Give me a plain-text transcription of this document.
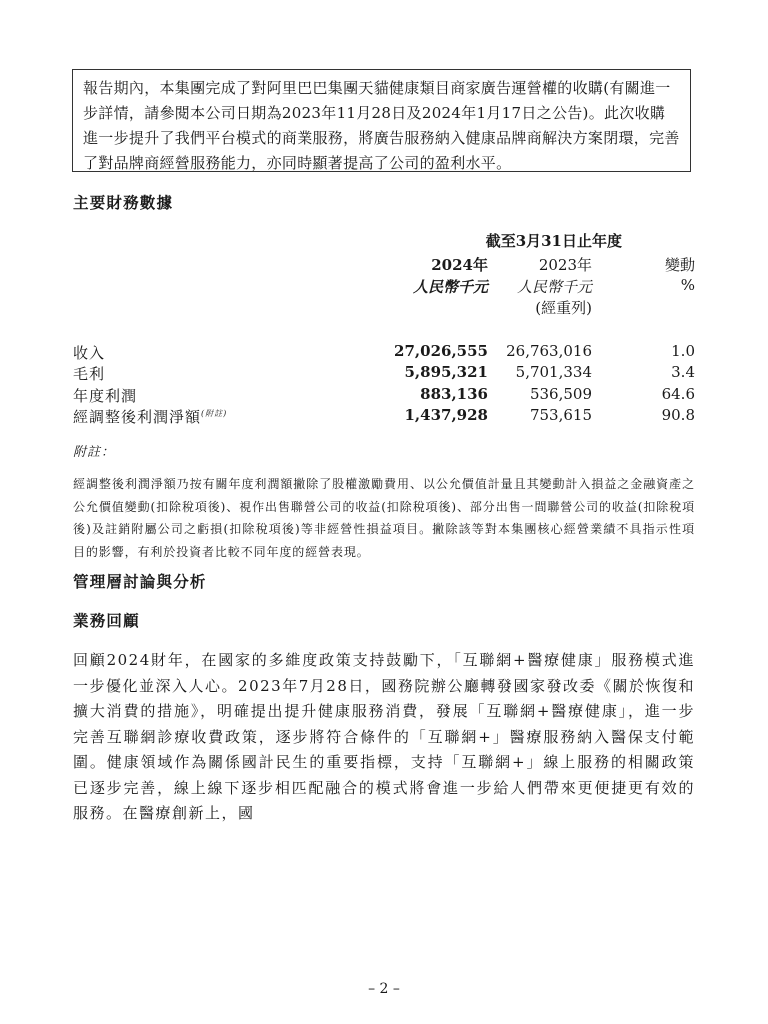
報告期內，本集團完成了對阿里巴巴集團天貓健康類目商家廣告運營權的收購(有關進一步詳情，請參閱本公司日期為2023年11月28日及2024年1月17日之公告)。此次收購進一步提升了我們平台模式的商業服務，將廣告服務納入健康品牌商解決方案閉環，完善了對品牌商經營服務能力，亦同時顯著提高了公司的盈利水平。
主要財務數據
截至3月31日止年度
2024年	2023年	變動
人民幣千元 人民幣千元	%
(經重列)
收入	27,026,555 26,763,016	1.0
毛利	5,895,321 5,701,334	3.4
年度利潤	883,136	536,509	64.6
經調整後利潤淨額$^{(附註)}$	1,437,928	753,615	90.8
附註：
經調整後利潤淨額乃按有關年度利潤額撇除了股權激勵費用、以公允價值計量且其變動計入損益之金融資產之公允價值變動(扣除稅項後)、視作出售聯營公司的收益(扣除稅項後)、部分出售一間聯營公司的收益(扣除稅項後)及註銷附屬公司之虧損(扣除稅項後)等非經營性損益項目。撇除該等對本集團核心經營業績不具指示性項目的影響，有利於投資者比較不同年度的經營表現。
管理層討論與分析
業務回顧
回顧2024財年，在國家的多維度政策支持鼓勵下，「互聯網+醫療健康」服務模式進一步優化並深入人心。2023年7月28日，國務院辦公廳轉發國家發改委《關於恢復和擴大消費的措施》，明確提出提升健康服務消費，發展「互聯網+醫療健康」，進一步完善互聯網診療收費政策，逐步將符合條件的「互聯網+」醫療服務納入醫保支付範圍。健康領域作為關係國計民生的重要指標，支持「互聯網+」線上服務的相關政策已逐步完善，線上線下逐步相匹配融合的模式將會進一步給人們帶來更便捷更有效的服務。在醫療創新上，國
– 2 –
